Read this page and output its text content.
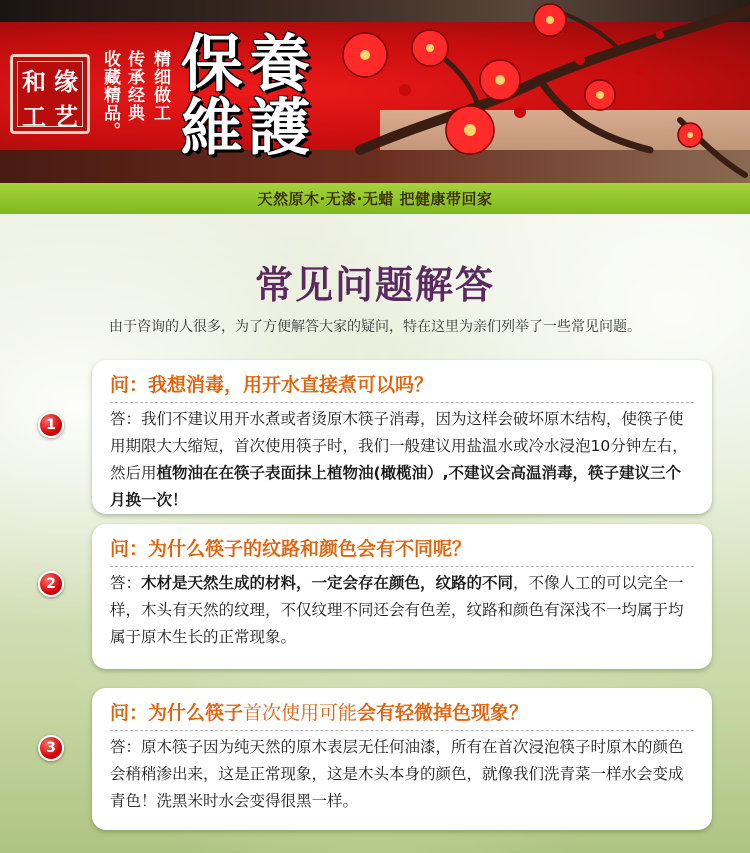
和 缘
工 艺 收藏精品。 传承经典 精细做工 保 養
維 護
天然原木·无漆·无蜡 把健康带回家
常见问题解答
由于咨询的人很多，为了方便解答大家的疑问，特在这里为亲们列举了一些常见问题。
1
问：我想消毒，用开水直接煮可以吗？
答：我们不建议用开水煮或者烫原木筷子消毒，因为这样会破坏原木结构，使筷子使用期限大大缩短，首次使用筷子时，我们一般建议用盐温水或冷水浸泡10分钟左右，然后用植物油在在筷子表面抹上植物油(橄榄油）,不建议会高温消毒，筷子建议三个月换一次！
2
问：为什么筷子的纹路和颜色会有不同呢？
答：木材是天然生成的材料，一定会存在颜色，纹路的不同，不像人工的可以完全一样，木头有天然的纹理，不仅纹理不同还会有色差，纹路和颜色有深浅不一均属于均属于原木生长的正常现象。
3
问：为什么筷子首次使用可能会有轻微掉色现象？
答：原木筷子因为纯天然的原木表层无任何油漆，所有在首次浸泡筷子时原木的颜色会稍稍渗出来，这是正常现象，这是木头本身的颜色，就像我们洗青菜一样水会变成青色！洗黑米时水会变得很黑一样。
